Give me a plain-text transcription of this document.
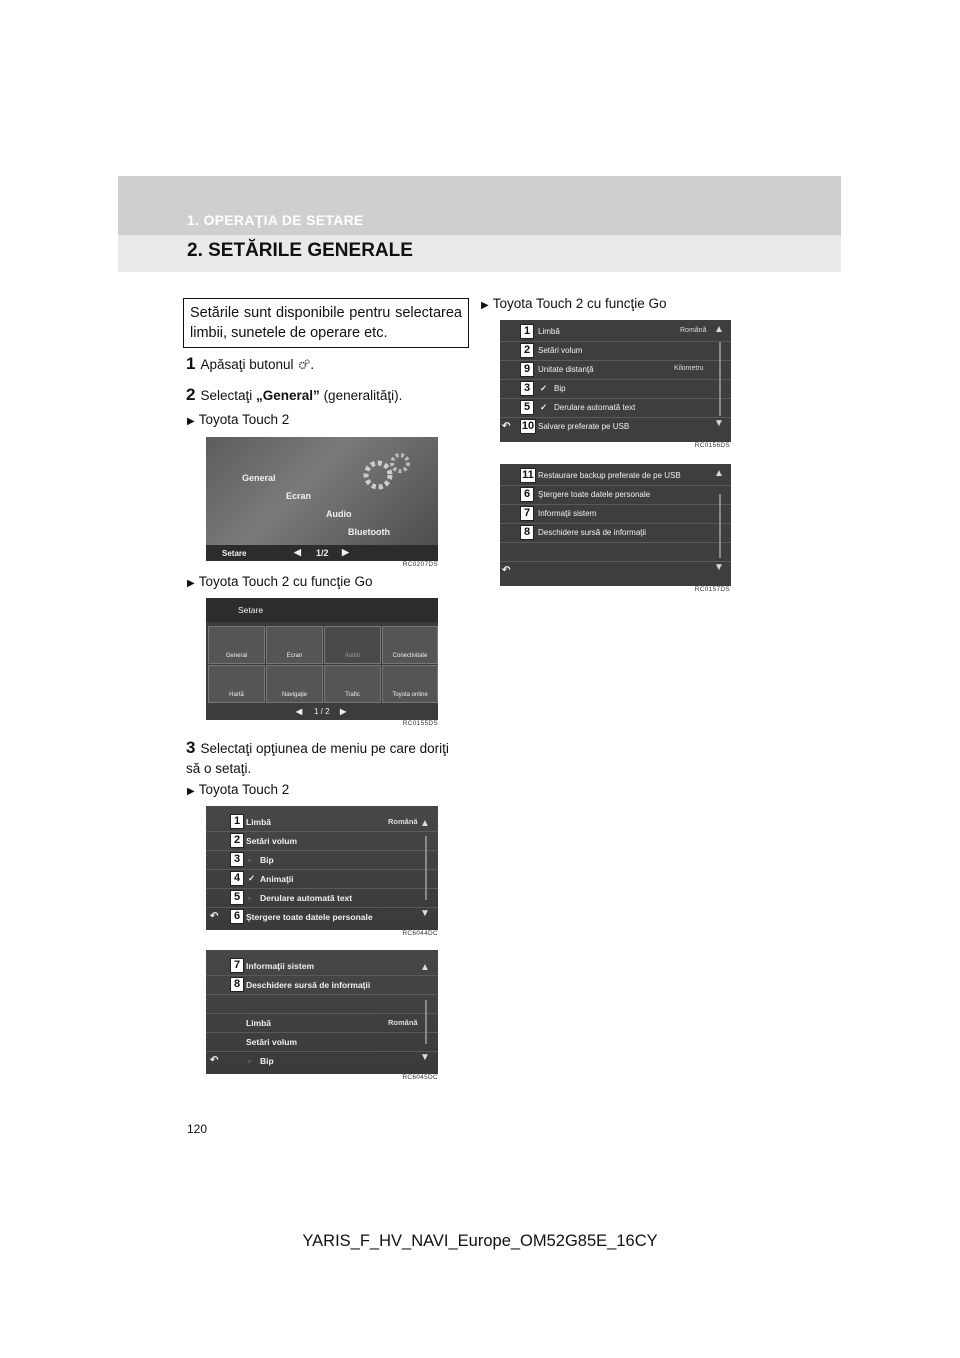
1. OPERAŢIA DE SETARE
2. SETĂRILE GENERALE
Setările sunt disponibile pentru selectarea limbii, sunetele de operare etc.
1 Apăsaţi butonul .
2 Selectaţi „General” (generalităţi).
▶ Toyota Touch 2
General
Ecran
Audio
Bluetooth
Setare	◀ 1/2 ▶
RC0207DS
▶ Toyota Touch 2 cu funcţie Go
Setare
General	Ecran	Audio	Conectivitate
Hartă	Navigaţie	Trafic	Toyota online
◀ 1 / 2 ▶
RC0155DS
3 Selectaţi opţiunea de meniu pe care doriţi să o setaţi.
▶ Toyota Touch 2
1 Limbă	Română
2 Setări volum
3 ▫ Bip
4 ✓ Animaţii
5 ▫ Derulare automată text
↶	6 Ştergere toate datele personale
▲
▼
RC6044DC
7 Informaţii sistem
8 Deschidere sursă de informaţii
Limbă	Română
Setări volum
↶	▫ Bip
▲
▼
RC6045DC
▶ Toyota Touch 2 cu funcţie Go
1 Limbă	Română
2 Setări volum
9 Unitate distanţă	Kilometru
3	✓ Bip
5	✓ Derulare automată text
↶ 10 Salvare preferate pe USB
▲
▼
RC0156DS
11 Restaurare backup preferate de pe USB
6 Ştergere toate datele personale
7 Informaţii sistem
8 Deschidere sursă de informaţii
↶
▲
▼
RC0157DS
120
YARIS_F_HV_NAVI_Europe_OM52G85E_16CY
